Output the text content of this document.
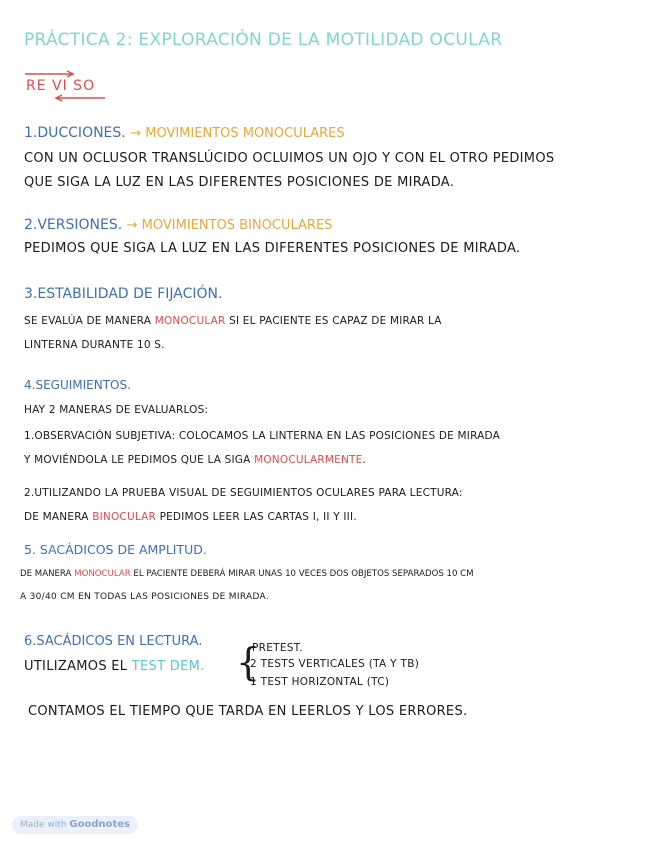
PRÁCTICA 2: EXPLORACIÓN DE LA MOTILIDAD OCULAR
RE VI SO
1.DUCCIONES. → MOVIMIENTOS MONOCULARES
CON UN OCLUSOR TRANSLÚCIDO OCLUIMOS UN OJO Y CON EL OTRO PEDIMOS
QUE SIGA LA LUZ EN LAS DIFERENTES POSICIONES DE MIRADA.
2.VERSIONES. → MOVIMIENTOS BINOCULARES
PEDIMOS QUE SIGA LA LUZ EN LAS DIFERENTES POSICIONES DE MIRADA.
3.ESTABILIDAD DE FIJACIÓN.
SE EVALÚA DE MANERA MONOCULAR SI EL PACIENTE ES CAPAZ DE MIRAR LA
LINTERNA DURANTE 10 S.
4.SEGUIMIENTOS.
HAY 2 MANERAS DE EVALUARLOS:
1.OBSERVACIÓN SUBJETIVA: COLOCAMOS LA LINTERNA EN LAS POSICIONES DE MIRADA
Y MOVIÉNDOLA LE PEDIMOS QUE LA SIGA MONOCULARMENTE.
2.UTILIZANDO LA PRUEBA VISUAL DE SEGUIMIENTOS OCULARES PARA LECTURA:
DE MANERA BINOCULAR PEDIMOS LEER LAS CARTAS I, II Y III.
5. SACÁDICOS DE AMPLITUD.
DE MANERA MONOCULAR EL PACIENTE DEBERÁ MIRAR UNAS 10 VECES DOS OBJETOS SEPARADOS 10 CM
A 30/40 CM EN TODAS LAS POSICIONES DE MIRADA.
6.SACÁDICOS EN LECTURA.
UTILIZAMOS EL TEST DEM. {
PRETEST.
2 TESTS VERTICALES (TA Y TB)
1 TEST HORIZONTAL (TC)
CONTAMOS EL TIEMPO QUE TARDA EN LEERLOS Y LOS ERRORES.
Made with Goodnotes
